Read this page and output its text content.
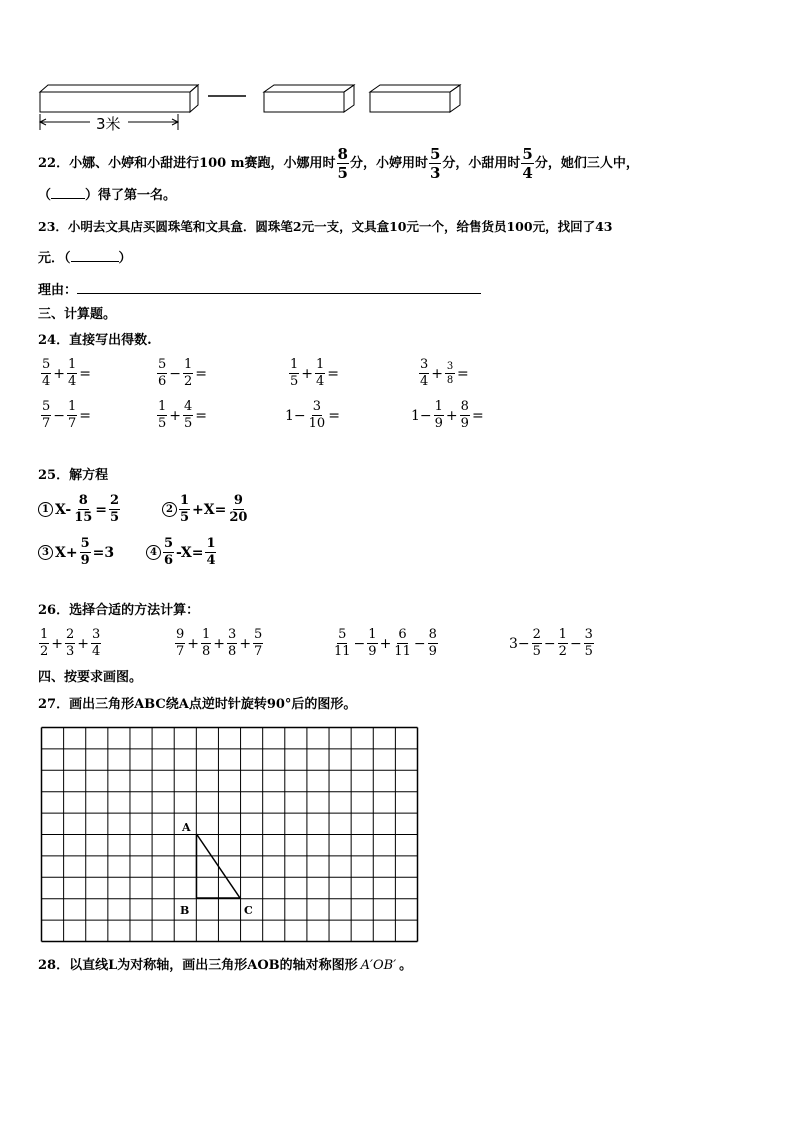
3米
22．小娜、小婷和小甜进行100 m赛跑，小娜用时 $\frac{8}{5}$ 分，小婷用时 $\frac{5}{3}$ 分，小甜用时 $\frac{5}{4}$ 分，她们三人中，
（	）得了第一名。
23．小明去文具店买圆珠笔和文具盒．圆珠笔2元一支，文具盒10元一个，给售货员100元，找回了43
元．（	）
理由：
三、计算题。
24．直接写出得数.
$\frac{5}{4} + \frac{1}{4}$ =	$\frac{5}{6} - \frac{1}{2}$ =	$\frac{1}{5} + \frac{1}{4}$ =	$\frac{3}{4} + \frac{3}{8}$ =
$\frac{5}{7} - \frac{1}{7}$ =	$\frac{1}{5} + \frac{4}{5}$ =	$1- \frac{3}{10}$ =	$1- \frac{1}{9} + \frac{8}{9}$ =
25．解方程
1 $X- \frac{8}{15} = \frac{2}{5}$	$2 \frac{1}{5} +X= \frac{9}{20}$
3 $X+ \frac{5}{9} =3$	$4 \frac{5}{6} -X= \frac{1}{4}$
26．选择合适的方法计算：
$\frac{1}{2} + \frac{2}{3} + \frac{3}{4}$	$\frac{9}{7} + \frac{1}{8} + \frac{3}{8} + \frac{5}{7}$	$\frac{5}{11} - \frac{1}{9} + \frac{6}{11} - \frac{8}{9}$	$3- \frac{2}{5} - \frac{1}{2} - \frac{3}{5}$
四、按要求画图。
27．画出三角形ABC绕A点逆时针旋转90°后的图形。
A
B	C
28．以直线L为对称轴，画出三角形AOB的轴对称图形 A′OB′ 。
